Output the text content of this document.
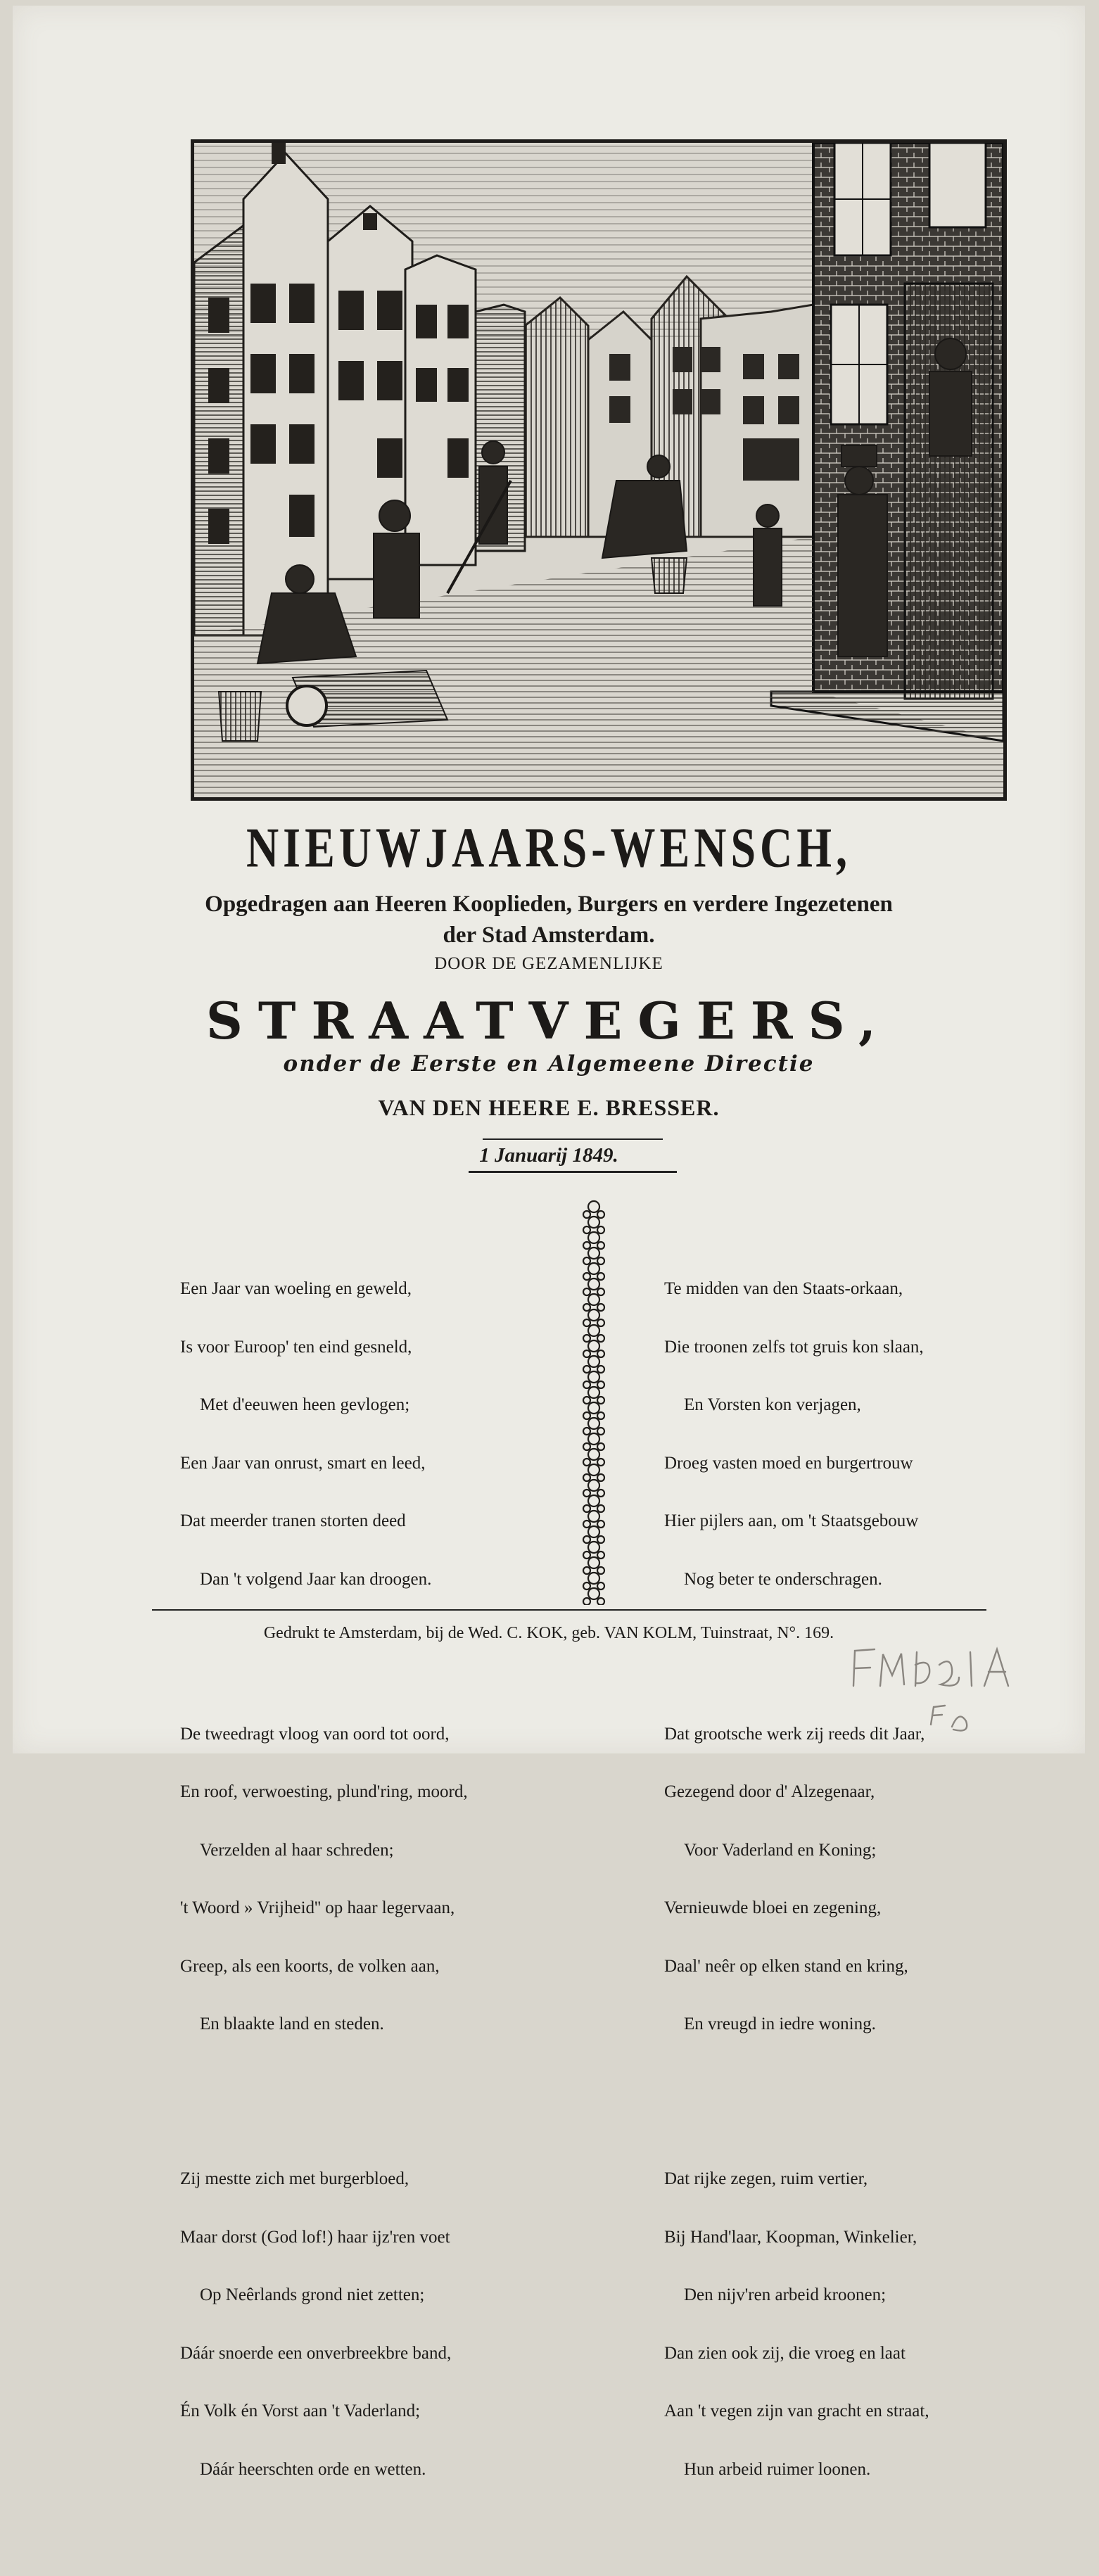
NIEUWJAARS-WENSCH,
Opgedragen aan Heeren Kooplieden, Burgers en verdere Ingezetenen
der Stad Amsterdam.
DOOR DE GEZAMENLIJKE
STRAATVEGERS,
onder de Eerste en Algemeene Directie
VAN DEN HEERE E. BRESSER.
1 Januarij 1849.

Een Jaar van woeling en geweld,

Is voor Euroop' ten eind gesneld,

Met d'eeuwen heen gevlogen;

Een Jaar van onrust, smart en leed,

Dat meerder tranen storten deed

Dan 't volgend Jaar kan droogen.

De tweedragt vloog van oord tot oord,

En roof, verwoesting, plund'ring, moord,

Verzelden al haar schreden;

't Woord » Vrijheid'' op haar legervaan,

Greep, als een koorts, de volken aan,

En blaakte land en steden.

Zij mestte zich met burgerbloed,

Maar dorst (God lof!) haar ijz'ren voet

Op Neêrlands grond niet zetten;

Dáár snoerde een onverbreekbre band,

Én Volk én Vorst aan 't Vaderland;

Dáár heerschten orde en wetten.

Te midden van den Staats-orkaan,

Die troonen zelfs tot gruis kon slaan,

En Vorsten kon verjagen,

Droeg vasten moed en burgertrouw

Hier pijlers aan, om 't Staatsgebouw

Nog beter te onderschragen.

Dat grootsche werk zij reeds dit Jaar,

Gezegend door d' Alzegenaar,

Voor Vaderland en Koning;

Vernieuwde bloei en zegening,

Daal' neêr op elken stand en kring,

En vreugd in iedre woning.

Dat rijke zegen, ruim vertier,

Bij Hand'laar, Koopman, Winkelier,

Den nijv'ren arbeid kroonen;

Dan zien ook zij, die vroeg en laat

Aan 't vegen zijn van gracht en straat,

Hun arbeid ruimer loonen.

Gedrukt te Amsterdam, bij de Wed. C. KOK, geb. VAN KOLM, Tuinstraat, N°. 169.
